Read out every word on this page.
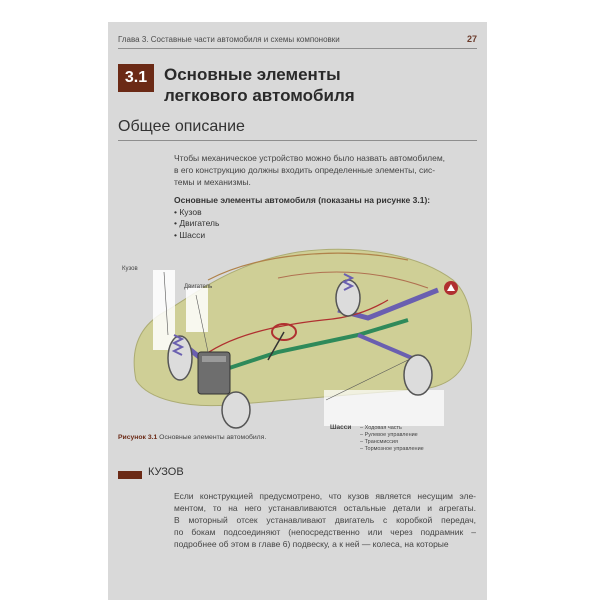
Глава 3. Составные части автомобиля и схемы компоновки	27
3.1 Основные элементы
легкового автомобиля
Общее описание
Чтобы механическое устройство можно было назвать автомобилем,
в его конструкцию должны входить определенные элементы, сис-
темы и механизмы.
Основные элементы автомобиля (показаны на рисунке 3.1):
• Кузов
• Двигатель
• Шасси
Кузов
Двигатель
Шасси – Ходовая часть
– Рулевое управление
– Трансмиссия
– Тормозное управление
Рисунок 3.1 Основные элементы автомобиля.
КУЗОВ
Если конструкцией предусмотрено, что кузов является несущим эле-
ментом, то на него устанавливаются остальные детали и агрегаты.
В моторный отсек устанавливают двигатель с коробкой передач,
по бокам подсоединяют (непосредственно или через подрамник –
подробнее об этом в главе 6) подвеску, а к ней — колеса, на которые
